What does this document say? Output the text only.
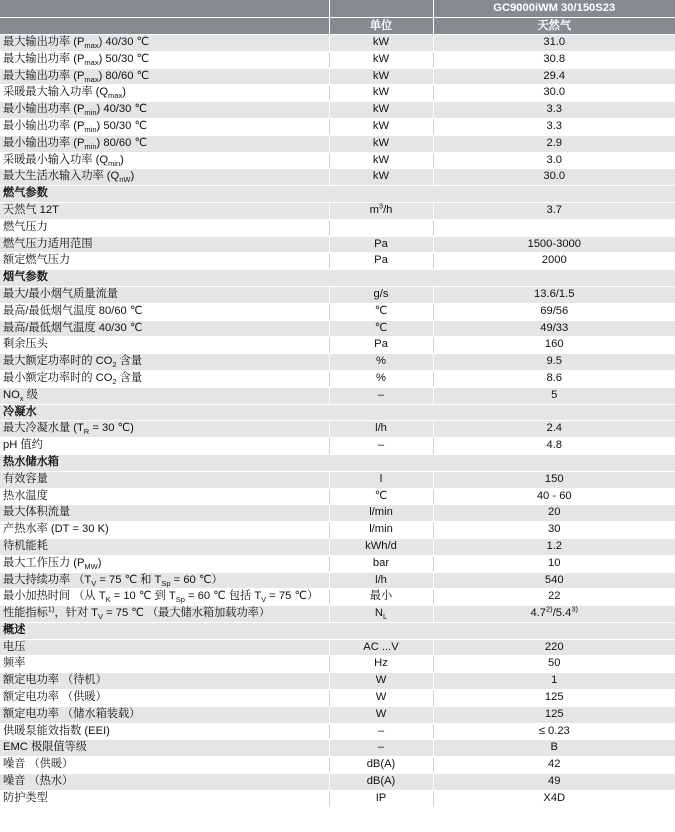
		GC9000iWM 30/150S23
	单位	天然气
最大输出功率 $(P_{max})$ 40/30 ℃	kW	31.0
最大输出功率 $(P_{max})$ 50/30 ℃	kW	30.8
最大输出功率 $(P_{max})$ 80/60 ℃	kW	29.4
采暖最大输入功率 $(Q_{max})$	kW	30.0
最小输出功率 $(P_{min})$ 40/30 ℃	kW	3.3
最小输出功率 $(P_{min})$ 50/30 ℃	kW	3.3
最小输出功率 $(P_{min})$ 80/60 ℃	kW	2.9
采暖最小输入功率 $(Q_{min})$	kW	3.0
最大生活水输入功率 $(Q_{nW})$	kW	30.0
燃气参数		
天然气 12T	$m^3/h$	3.7
燃气压力		
燃气压力适用范围	Pa	1500-3000
额定燃气压力	Pa	2000
烟气参数		
最大/最小烟气质量流量	g/s	13.6/1.5
最高/最低烟气温度 80/60 ℃	℃	69/56
最高/最低烟气温度 40/30 ℃	℃	49/33
剩余压头	Pa	160
最大额定功率时的 $CO_2$ 含量	%	9.5
最小额定功率时的 $CO_2$ 含量	%	8.6
$NO_x$ 级	–	5
冷凝水		
最大冷凝水量 ($T_R = 30$ ℃)	l/h	2.4
pH 值约	–	4.8
热水储水箱		
有效容量	l	150
热水温度	℃	40 - 60
最大体积流量	l/min	20
产热水率 (DT = 30 K)	l/min	30
待机能耗	kWh/d	1.2
最大工作压力 $(P_{MW})$	bar	10
最大持续功率 （$T_V = 75$ ℃ 和 $T_{Sp} = 60$ ℃）	l/h	540
最小加热时间 （从 $T_K = 10$ ℃ 到 $T_{Sp} = 60$ ℃ 包括 $T_V = 75$ ℃）	最小	22
性能指标$^{1)}$，针对 $T_V = 75$ ℃ （最大储水箱加载功率）	$N_L$	4.7$^{2)}$/5.4$^{3)}$
概述		
电压	AC ...V	220
频率	Hz	50
额定电功率 （待机）	W	1
额定电功率 （供暖）	W	125
额定电功率 （储水箱装载）	W	125
供暖泵能效指数 (EEI)	–	≤ 0.23
EMC 极限值等级	–	B
噪音 （供暖）	dB(A)	42
噪音 （热水）	dB(A)	49
防护类型	IP	X4D
